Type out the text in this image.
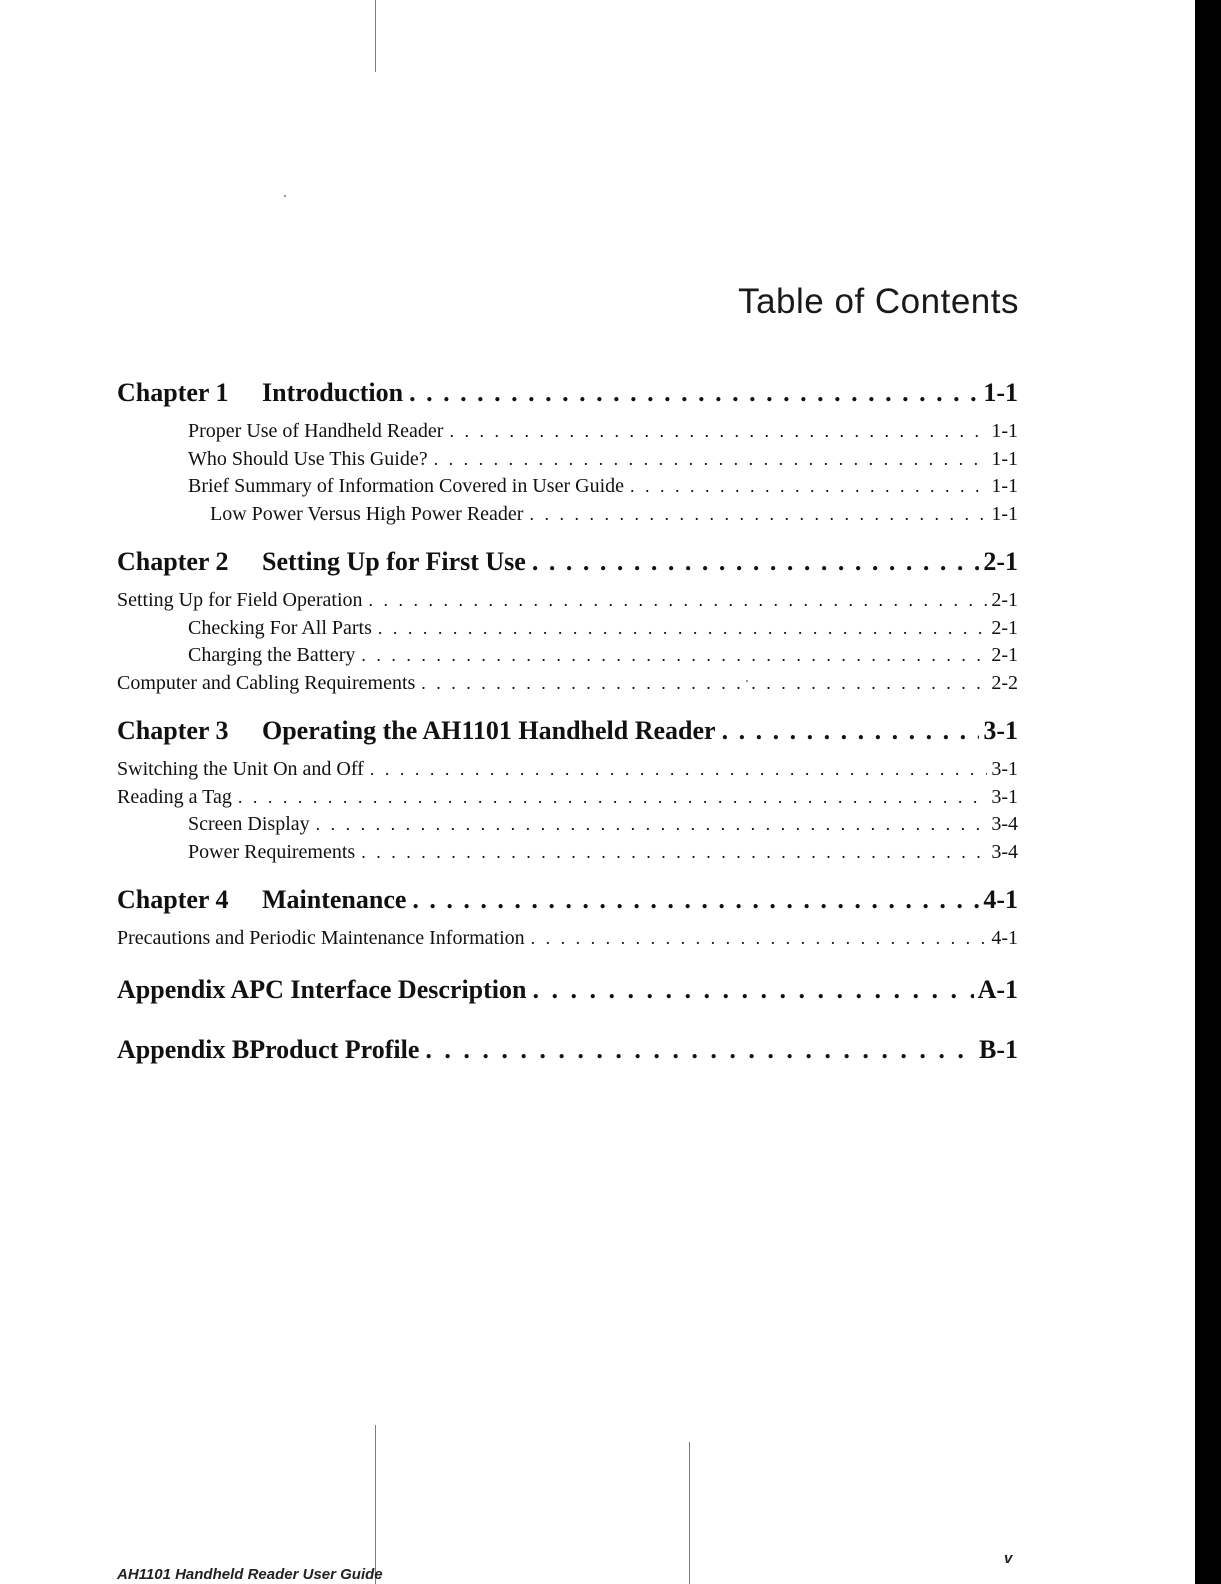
Table of Contents
Chapter 1 Introduction . . .	1-1
Proper Use of Handheld Reader . . .	1-1
Who Should Use This Guide? . . .	1-1
Brief Summary of Information Covered in User Guide . . .	1-1
Low Power Versus High Power Reader . . .	1-1
Chapter 2 Setting Up for First Use . . .	2-1
Setting Up for Field Operation . . .	2-1
Checking For All Parts . . .	2-1
Charging the Battery . . .	2-1
Computer and Cabling Requirements . . .	2-2
Chapter 3 Operating the AH1101 Handheld Reader . . .	3-1
Switching the Unit On and Off . . .	3-1
Reading a Tag . . .	3-1
Screen Display . . .	3-4
Power Requirements . . .	3-4
Chapter 4 Maintenance . . .	4-1
Precautions and Periodic Maintenance Information . . .	4-1
Appendix APC Interface Description . . .	A-1
Appendix BProduct Profile . . .	B-1
AH1101 Handheld Reader User Guide
v
